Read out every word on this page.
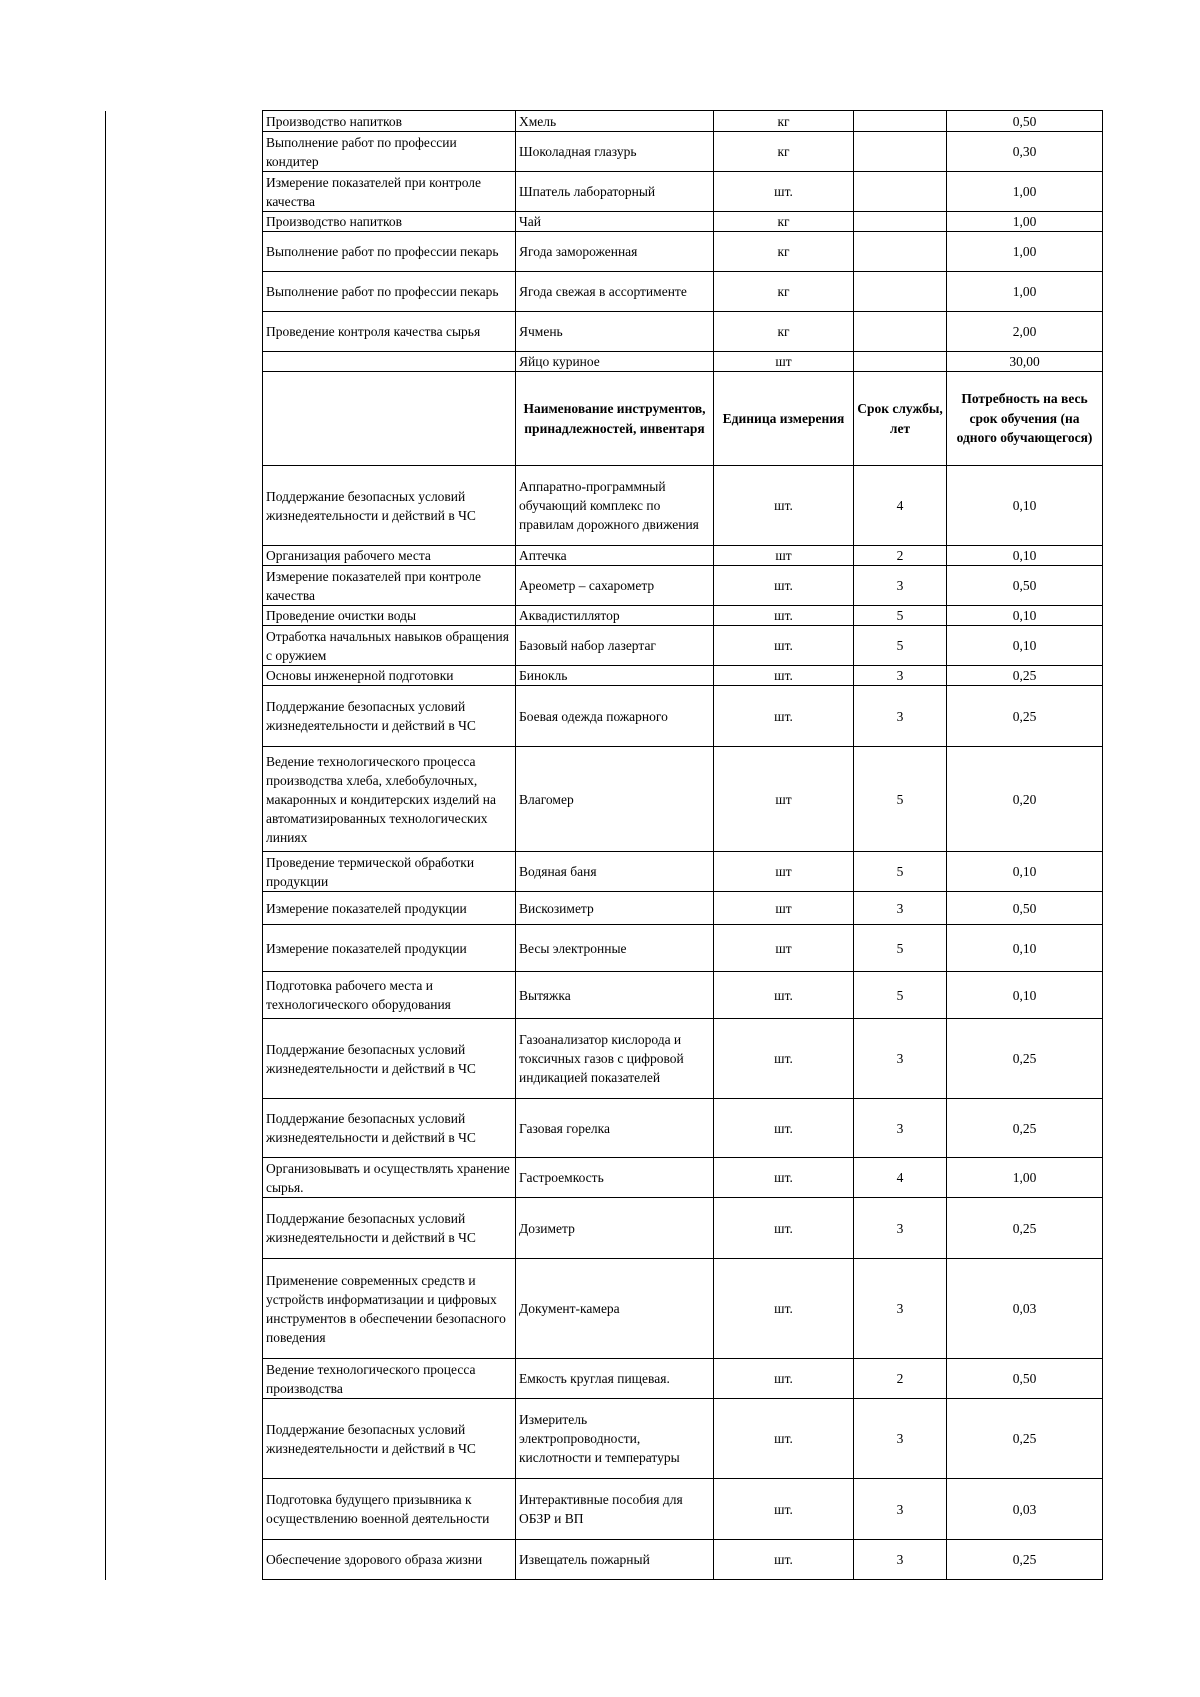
	Производство напитков	Хмель	кг		0,50
	Выполнение работ по профессии кондитер	Шоколадная глазурь	кг		0,30
	Измерение показателей при контроле качества	Шпатель лабораторный	шт.		1,00
	Производство напитков	Чай	кг		1,00
	Выполнение работ по профессии пекарь	Ягода замороженная	кг		1,00
	Выполнение работ по профессии пекарь	Ягода свежая в ассортименте	кг		1,00
	Проведение контроля качества сырья	Ячмень	кг		2,00
		Яйцо куриное	шт		30,00
		Наименование инструментов, принадлежностей, инвентаря	Единица измерения	Срок службы, лет	Потребность на весь срок обучения (на одного обучающегося)
	Поддержание безопасных условий жизнедеятельности и действий в ЧС	Аппаратно-программный обучающий комплекс по правилам дорожного движения	шт.	4	0,10
	Организация рабочего места	Аптечка	шт	2	0,10
	Измерение показателей при контроле качества	Ареометр – сахарометр	шт.	3	0,50
	Проведение очистки воды	Аквадистиллятор	шт.	5	0,10
	Отработка начальных навыков обращения с оружием	Базовый набор лазертаг	шт.	5	0,10
	Основы инженерной подготовки	Бинокль	шт.	3	0,25
	Поддержание безопасных условий жизнедеятельности и действий в ЧС	Боевая одежда пожарного	шт.	3	0,25
	Ведение технологического процесса производства хлеба, хлебобулочных, макаронных и кондитерских изделий на автоматизированных технологических линиях	Влагомер	шт	5	0,20
	Проведение термической обработки продукции	Водяная баня	шт	5	0,10
	Измерение показателей продукции	Вискозиметр	шт	3	0,50
	Измерение показателей продукции	Весы электронные	шт	5	0,10
	Подготовка рабочего места и технологического оборудования	Вытяжка	шт.	5	0,10
	Поддержание безопасных условий жизнедеятельности и действий в ЧС	Газоанализатор кислорода и токсичных газов с цифровой индикацией показателей	шт.	3	0,25
	Поддержание безопасных условий жизнедеятельности и действий в ЧС	Газовая горелка	шт.	3	0,25
	Организовывать и осуществлять хранение сырья.	Гастроемкость	шт.	4	1,00
	Поддержание безопасных условий жизнедеятельности и действий в ЧС	Дозиметр	шт.	3	0,25
	Применение современных средств и устройств информатизации и цифровых инструментов в обеспечении безопасного поведения	Документ-камера	шт.	3	0,03
	Ведение технологического процесса производства	Емкость круглая пищевая.	шт.	2	0,50
	Поддержание безопасных условий жизнедеятельности и действий в ЧС	Измеритель электропроводности, кислотности и температуры	шт.	3	0,25
	Подготовка будущего призывника к осуществлению военной деятельности	Интерактивные пособия для ОБЗР и ВП	шт.	3	0,03
	Обеспечение здорового образа жизни	Извещатель пожарный	шт.	3	0,25
